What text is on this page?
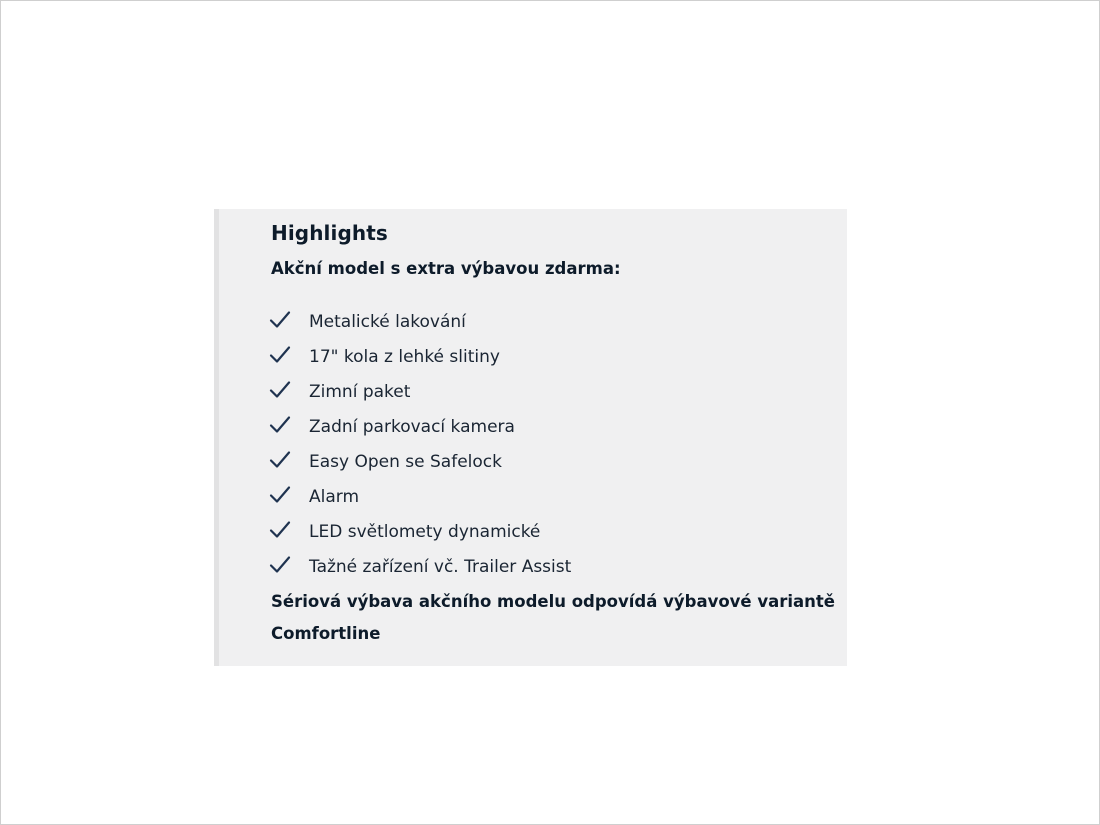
Highlights
Akční model s extra výbavou zdarma:
Metalické lakování
17" kola z lehké slitiny
Zimní paket
Zadní parkovací kamera
Easy Open se Safelock
Alarm
LED světlomety dynamické
Tažné zařízení vč. Trailer Assist
Sériová výbava akčního modelu odpovídá výbavové variantě
Comfortline
